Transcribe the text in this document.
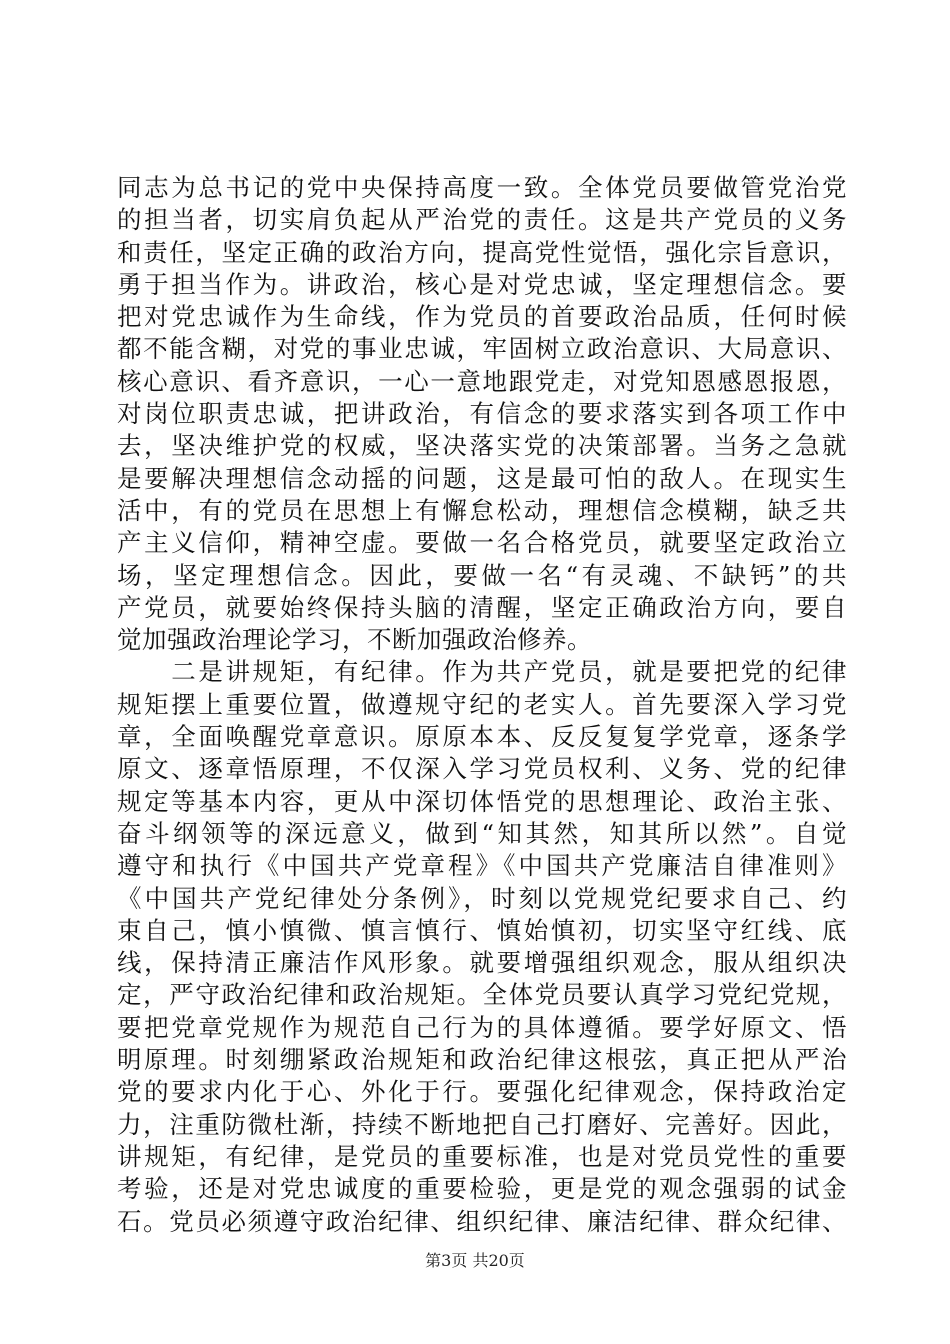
同志为总书记的党中央保持高度一致。全体党员要做管党治党
的担当者，切实肩负起从严治党的责任。这是共产党员的义务
和责任，坚定正确的政治方向，提高党性觉悟，强化宗旨意识，
勇于担当作为。讲政治，核心是对党忠诚，坚定理想信念。要
把对党忠诚作为生命线，作为党员的首要政治品质，任何时候
都不能含糊，对党的事业忠诚，牢固树立政治意识、大局意识、
核心意识、看齐意识，一心一意地跟党走，对党知恩感恩报恩，
对岗位职责忠诚，把讲政治，有信念的要求落实到各项工作中
去，坚决维护党的权威，坚决落实党的决策部署。当务之急就
是要解决理想信念动摇的问题，这是最可怕的敌人。在现实生
活中，有的党员在思想上有懈怠松动，理想信念模糊，缺乏共
产主义信仰，精神空虚。要做一名合格党员，就要坚定政治立
场，坚定理想信念。因此，要做一名“有灵魂、不缺钙”的共
产党员，就要始终保持头脑的清醒，坚定正确政治方向，要自
觉加强政治理论学习，不断加强政治修养。
　　二是讲规矩，有纪律。作为共产党员，就是要把党的纪律
规矩摆上重要位置，做遵规守纪的老实人。首先要深入学习党
章，全面唤醒党章意识。原原本本、反反复复学党章，逐条学
原文、逐章悟原理，不仅深入学习党员权利、义务、党的纪律
规定等基本内容，更从中深切体悟党的思想理论、政治主张、
奋斗纲领等的深远意义，做到“知其然，知其所以然”。自觉
遵守和执行《中国共产党章程》《中国共产党廉洁自律准则》
《中国共产党纪律处分条例》，时刻以党规党纪要求自己、约
束自己，慎小慎微、慎言慎行、慎始慎初，切实坚守红线、底
线，保持清正廉洁作风形象。就要增强组织观念，服从组织决
定，严守政治纪律和政治规矩。全体党员要认真学习党纪党规，
要把党章党规作为规范自己行为的具体遵循。要学好原文、悟
明原理。时刻绷紧政治规矩和政治纪律这根弦，真正把从严治
党的要求内化于心、外化于行。要强化纪律观念，保持政治定
力，注重防微杜渐，持续不断地把自己打磨好、完善好。因此，
讲规矩，有纪律，是党员的重要标准，也是对党员党性的重要
考验，还是对党忠诚度的重要检验，更是党的观念强弱的试金
石。党员必须遵守政治纪律、组织纪律、廉洁纪律、群众纪律、
第3页 共20页
